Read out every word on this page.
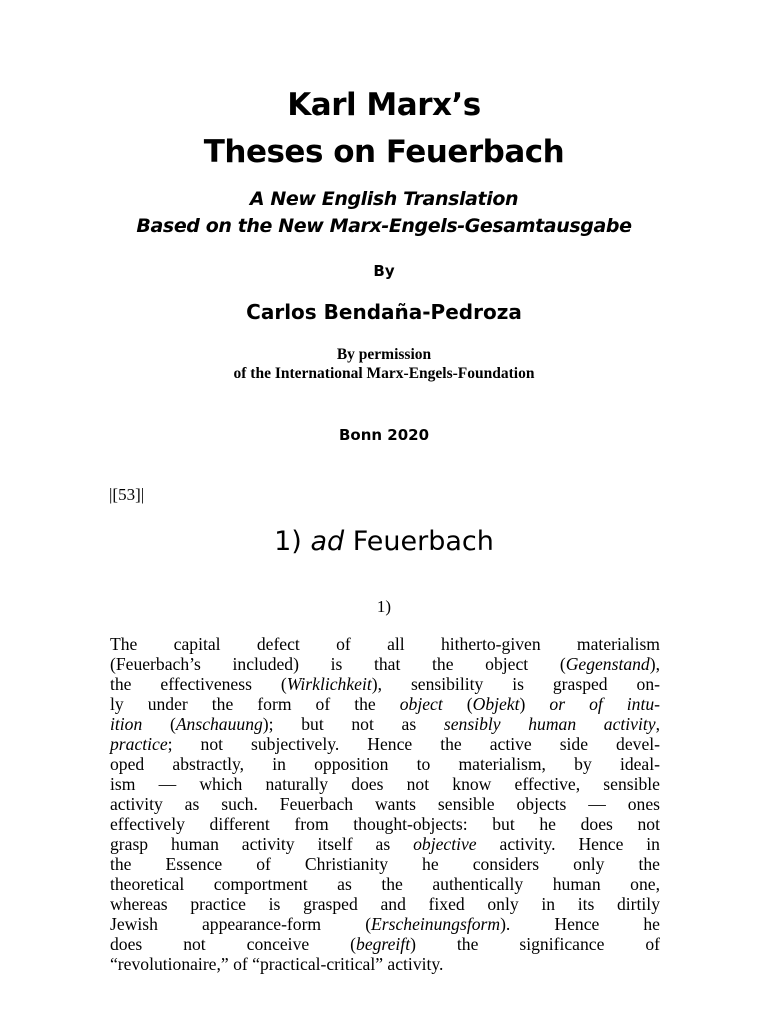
Karl Marx’s
Theses on Feuerbach
A New English Translation
Based on the New Marx-Engels-Gesamtausgabe
By
Carlos Bendaña-Pedroza
By permission
of the International Marx-Engels-Foundation
Bonn 2020
|[53]|
1) ad Feuerbach
1)
The capital defect of all hitherto-given materialism
(Feuerbach’s included) is that the object (Gegenstand),
the effectiveness (Wirklichkeit), sensibility is grasped on-
ly under the form of the object (Objekt) or of intu-
ition (Anschauung); but not as sensibly human activity,
practice; not subjectively. Hence the active side devel-
oped abstractly, in opposition to materialism, by ideal-
ism — which naturally does not know effective, sensible
activity as such. Feuerbach wants sensible objects — ones
effectively different from thought-objects: but he does not
grasp human activity itself as objective activity. Hence in
the Essence of Christianity he considers only the
theoretical comportment as the authentically human one,
whereas practice is grasped and fixed only in its dirtily
Jewish appearance-form (Erscheinungsform). Hence he
does not conceive (begreift) the significance of
“revolutionaire,” of “practical-critical” activity.
